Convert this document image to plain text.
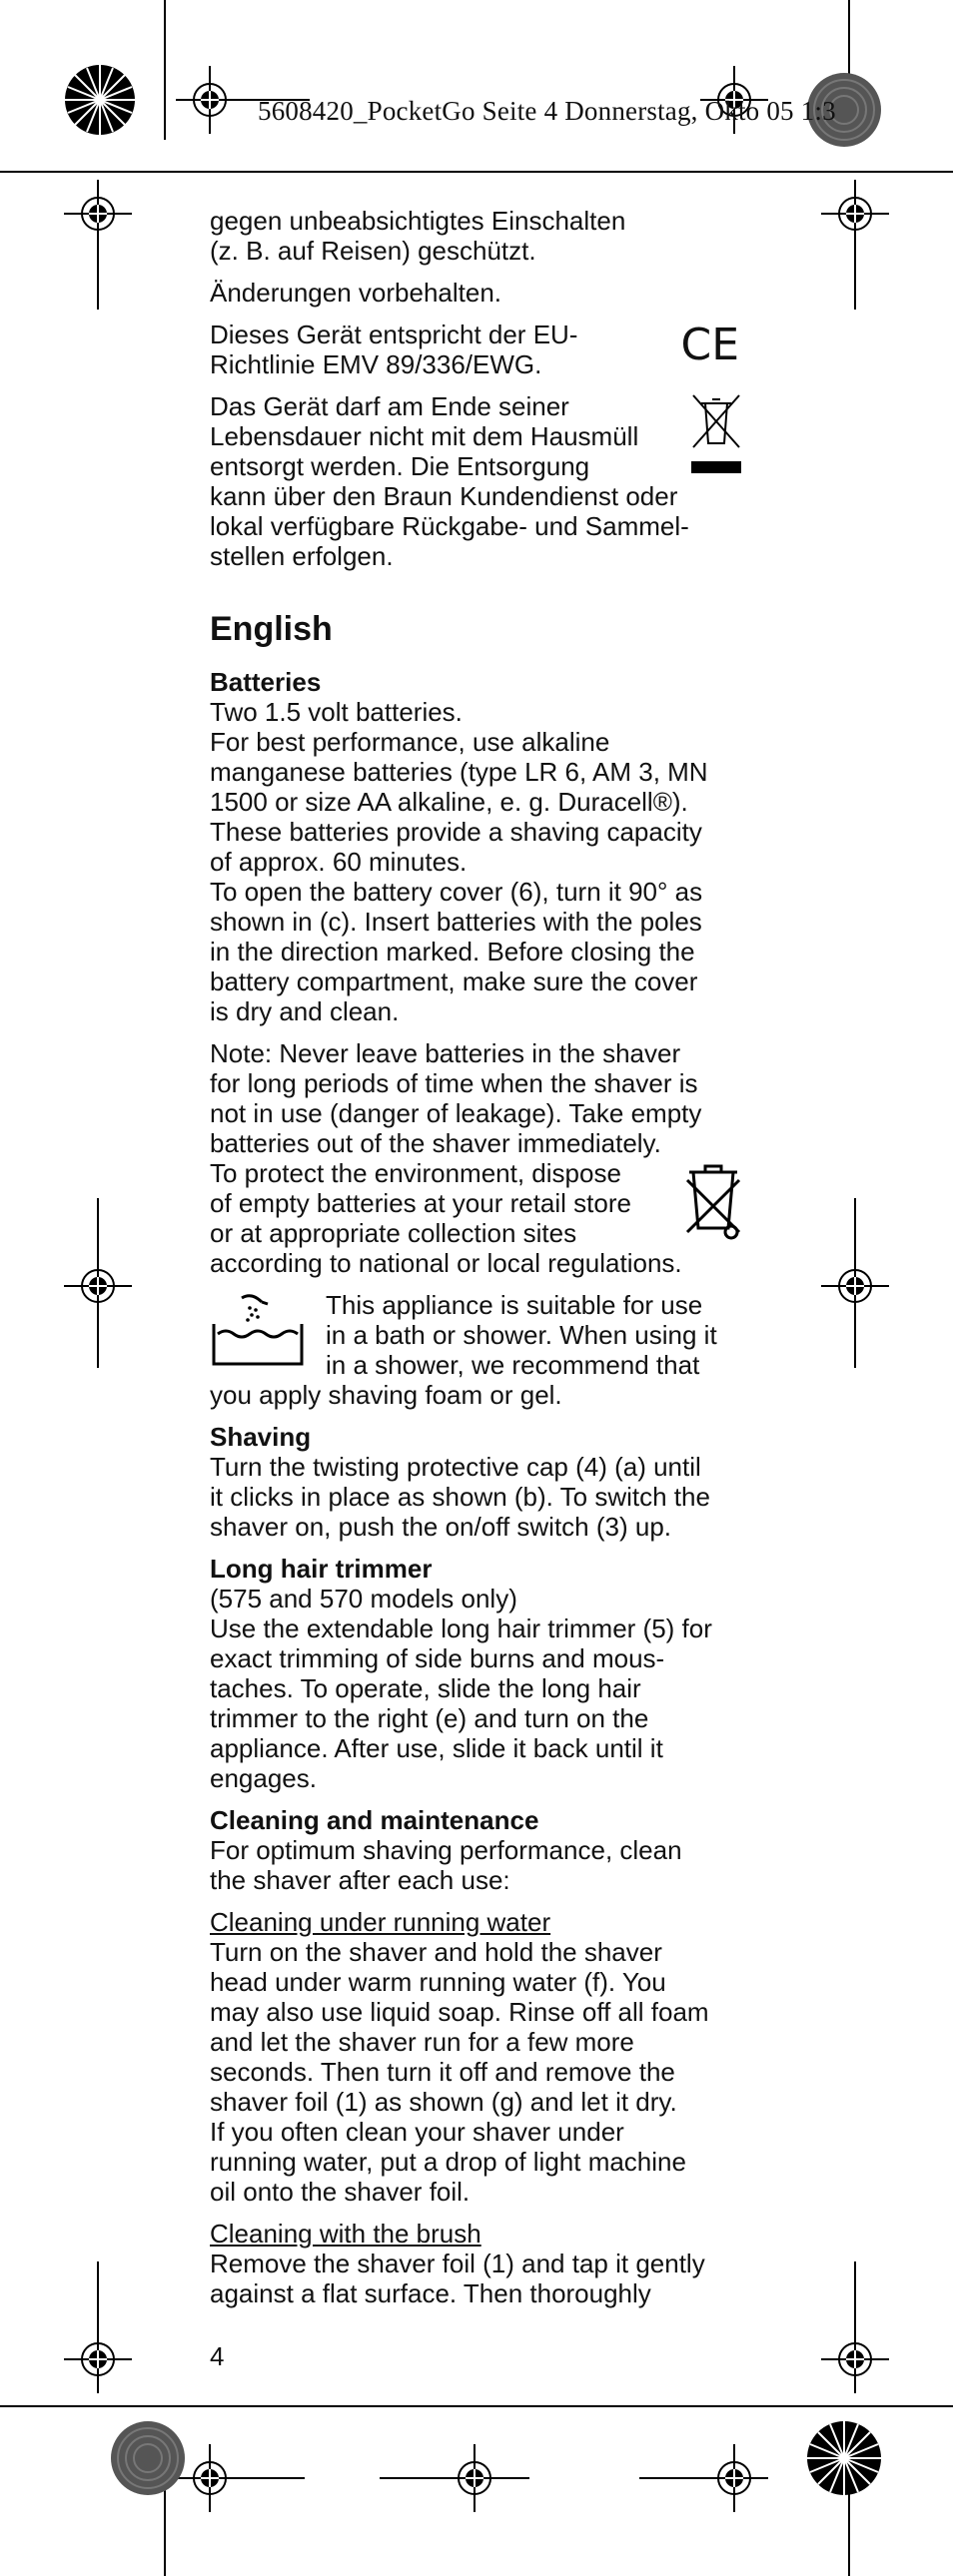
5608420_PocketGo Seite 4 Donnerstag, Okto 05 1:3

gegen unbeabsichtigtes Einschalten
(z. B. auf Reisen) geschützt.

Änderungen vorbehalten.

Dieses Gerät entspricht der EU-
Richtlinie EMV 89/336/EWG.	CE
Das Gerät darf am Ende seiner
Lebensdauer nicht mit dem Hausmüll
entsorgt werden. Die Entsorgung
kann über den Braun Kundendienst oder
lokal verfügbare Rückgabe- und Sammel-
stellen erfolgen.
English
Batteries
Two 1.5 volt batteries.
For best performance, use alkaline
manganese batteries (type LR 6, AM 3, MN
1500 or size AA alkaline, e. g. Duracell®).
These batteries provide a shaving capacity
of approx. 60 minutes.
To open the battery cover (6), turn it 90° as
shown in (c). Insert batteries with the poles
in the direction marked. Before closing the
battery compartment, make sure the cover
is dry and clean.
Note: Never leave batteries in the shaver
for long periods of time when the shaver is
not in use (danger of leakage). Take empty
batteries out of the shaver immediately.
To protect the environment, dispose
of empty batteries at your retail store
or at appropriate collection sites
according to national or local regulations.
This appliance is suitable for use
in a bath or shower. When using it
in a shower, we recommend that
you apply shaving foam or gel.
Shaving
Turn the twisting protective cap (4) (a) until
it clicks in place as shown (b). To switch the
shaver on, push the on/off switch (3) up.
Long hair trimmer
(575 and 570 models only)
Use the extendable long hair trimmer (5) for
exact trimming of side burns and mous-
taches. To operate, slide the long hair
trimmer to the right (e) and turn on the
appliance. After use, slide it back until it
engages.
Cleaning and maintenance
For optimum shaving performance, clean
the shaver after each use:
Cleaning under running water
Turn on the shaver and hold the shaver
head under warm running water (f). You
may also use liquid soap. Rinse off all foam
and let the shaver run for a few more
seconds. Then turn it off and remove the
shaver foil (1) as shown (g) and let it dry.
If you often clean your shaver under
running water, put a drop of light machine
oil onto the shaver foil.
Cleaning with the brush
Remove the shaver foil (1) and tap it gently
against a flat surface. Then thoroughly
4
